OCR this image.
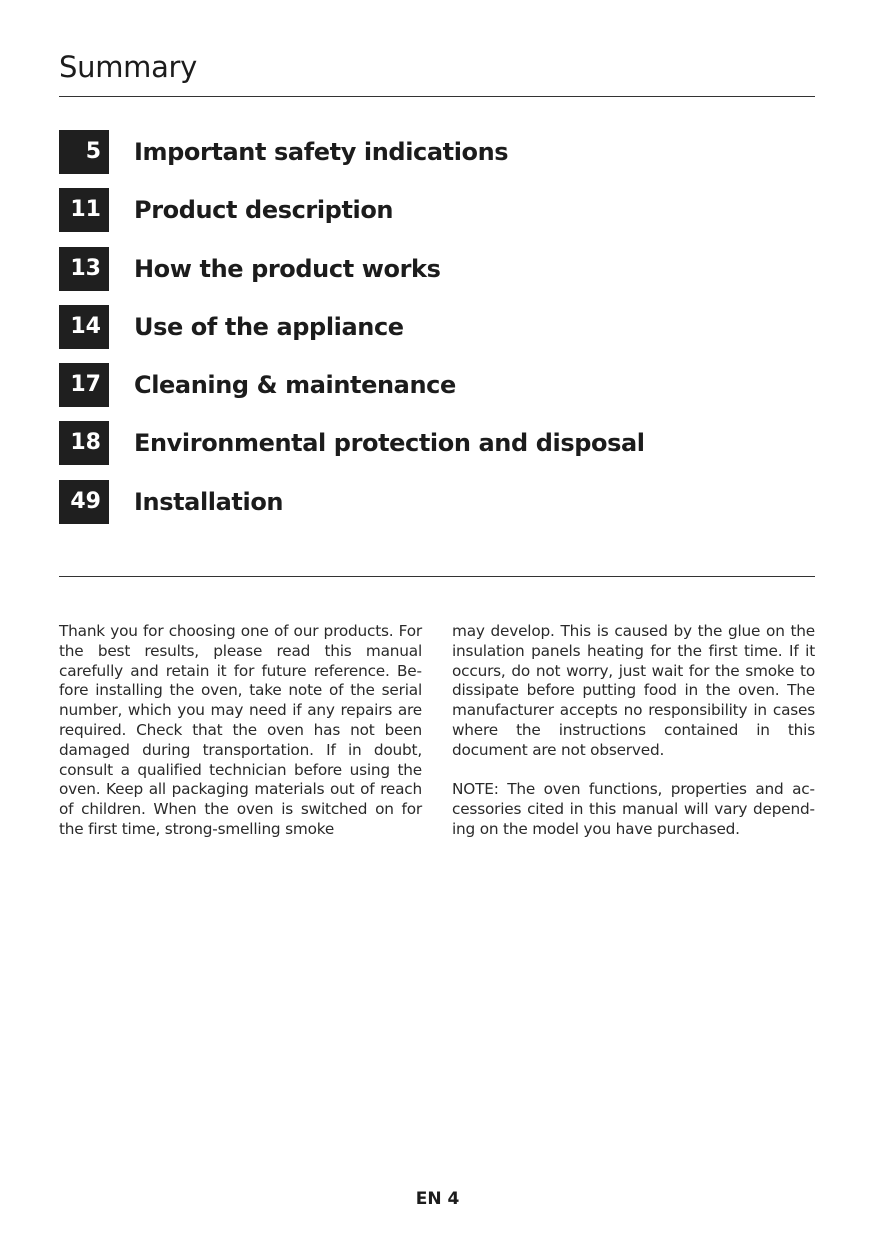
Summary
5	Important safety indications
11	Product description
13	How the product works
14	Use of the appliance
17	Cleaning & maintenance
18	Environmental protection and disposal
49	Installation

Thank you for choosing one of our products. For the best results, please read this manual carefully and retain it for future reference. Before installing the oven, take note of the serial number, which you may need if any repairs are required. Check that the oven has not been damaged during transportation. If in doubt, consult a qualified technician before using the oven. Keep all packaging materials out of reach of children. When the oven is switched on for the first time, strong-smelling smoke

may develop. This is caused by the glue on the insulation panels heating for the first time. If it occurs, do not worry, just wait for the smoke to dissipate before putting food in the oven. The manufacturer accepts no responsibility in cases where the instructions contained in this document are not observed.

NOTE: The oven functions, properties and accessories cited in this manual will vary depending on the model you have purchased.

EN 4
